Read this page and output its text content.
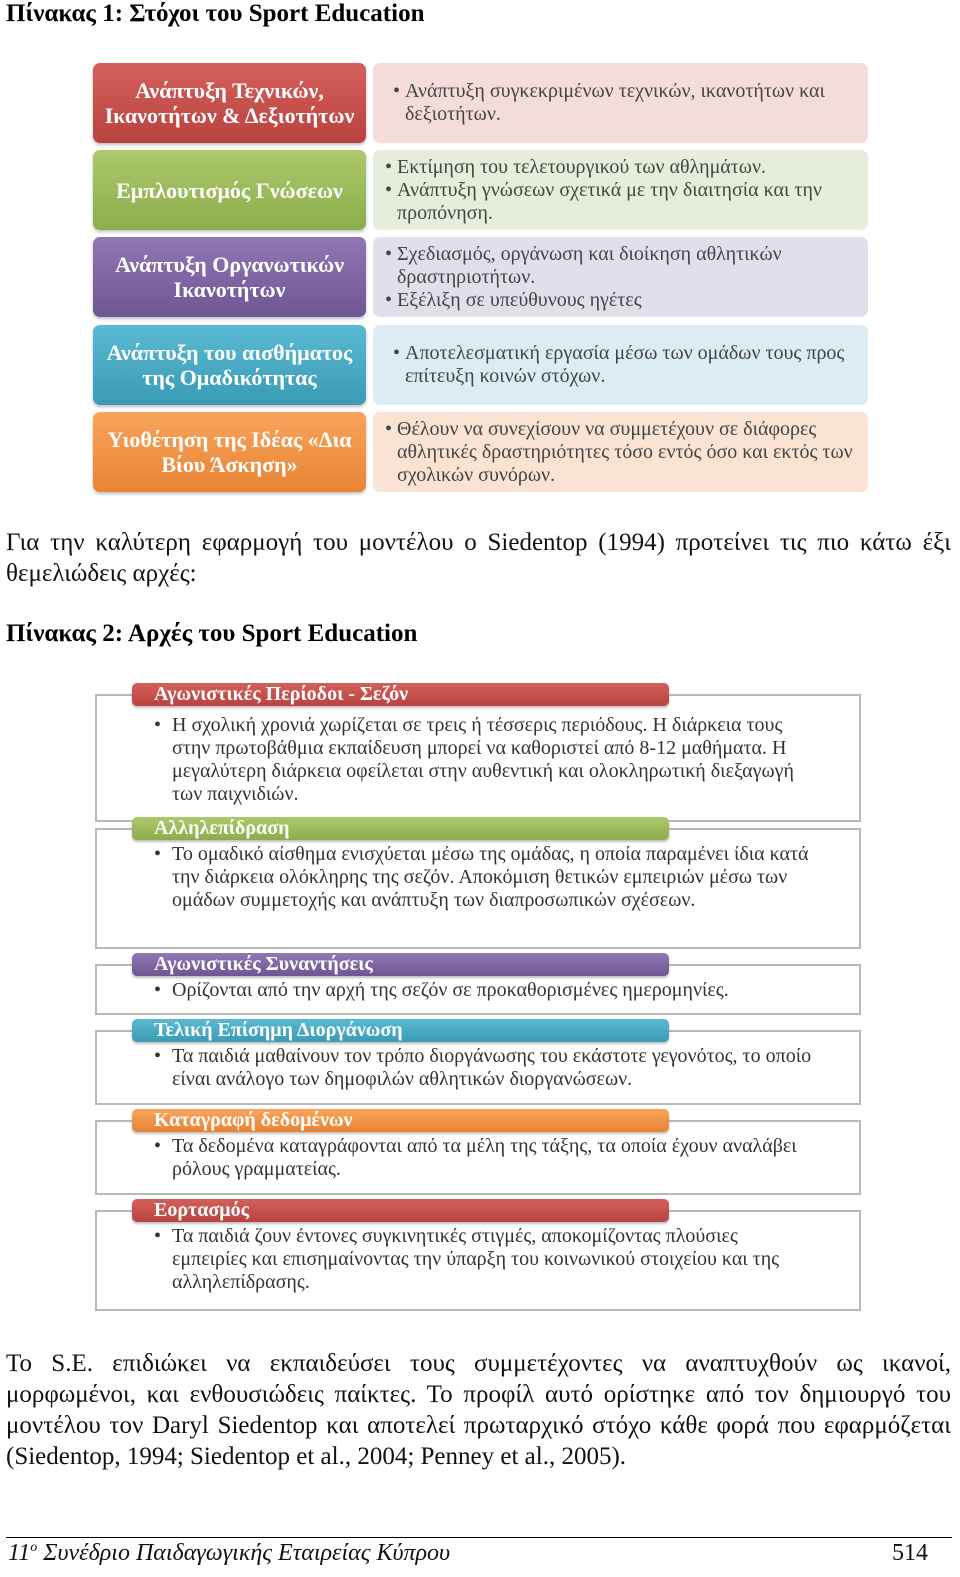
Πίνακας 1: Στόχοι του Sport Education
Ανάπτυξη Τεχνικών, Ικανοτήτων & Δεξιοτήτων
• Ανάπτυξη συγκεκριμένων τεχνικών, ικανοτήτων και δεξιοτήτων.
Εμπλουτισμός Γνώσεων
• Εκτίμηση του τελετουργικού των αθλημάτων.
• Ανάπτυξη γνώσεων σχετικά με την διαιτησία και την προπόνηση.
Ανάπτυξη Οργανωτικών Ικανοτήτων
• Σχεδιασμός, οργάνωση και διοίκηση αθλητικών δραστηριοτήτων.
• Εξέλιξη σε υπεύθυνους ηγέτες
Ανάπτυξη του αισθήματος της Ομαδικότητας
• Αποτελεσματική εργασία μέσω των ομάδων τους προς επίτευξη κοινών στόχων.
Υιοθέτηση της Ιδέας «Δια Βίου Άσκηση»
• Θέλουν να συνεχίσουν να συμμετέχουν σε διάφορες αθλητικές δραστηριότητες τόσο εντός όσο και εκτός των σχολικών συνόρων.
Για την καλύτερη εφαρμογή του μοντέλου ο Siedentop (1994) προτείνει τις πιο κάτω έξι θεμελιώδεις αρχές:
Πίνακας 2: Αρχές του Sport Education
Αγωνιστικές Περίοδοι - Σεζόν
• Η σχολική χρονιά χωρίζεται σε τρεις ή τέσσερις περιόδους. Η διάρκεια τους στην πρωτοβάθμια εκπαίδευση μπορεί να καθοριστεί από 8-12 μαθήματα. Η μεγαλύτερη διάρκεια οφείλεται στην αυθεντική και ολοκληρωτική διεξαγωγή των παιχνιδιών.
Αλληλεπίδραση
• Το ομαδικό αίσθημα ενισχύεται μέσω της ομάδας, η οποία παραμένει ίδια κατά την διάρκεια ολόκληρης της σεζόν. Αποκόμιση θετικών εμπειριών μέσω των ομάδων συμμετοχής και ανάπτυξη των διαπροσωπικών σχέσεων.
Αγωνιστικές Συναντήσεις
• Ορίζονται από την αρχή της σεζόν σε προκαθορισμένες ημερομηνίες.
Τελική Επίσημη Διοργάνωση
• Τα παιδιά μαθαίνουν τον τρόπο διοργάνωσης του εκάστοτε γεγονότος, το οποίο είναι ανάλογο των δημοφιλών αθλητικών διοργανώσεων.
Καταγραφή δεδομένων
• Τα δεδομένα καταγράφονται από τα μέλη της τάξης, τα οποία έχουν αναλάβει ρόλους γραμματείας.
Εορτασμός
• Τα παιδιά ζουν έντονες συγκινητικές στιγμές, αποκομίζοντας πλούσιες εμπειρίες και επισημαίνοντας την ύπαρξη του κοινωνικού στοιχείου και της αλληλεπίδρασης.
Το S.E. επιδιώκει να εκπαιδεύσει τους συμμετέχοντες να αναπτυχθούν ως ικανοί, μορφωμένοι, και ενθουσιώδεις παίκτες. Το προφίλ αυτό ορίστηκε από τον δημιουργό του μοντέλου τον Daryl Siedentop και αποτελεί πρωταρχικό στόχο κάθε φορά που εφαρμόζεται (Siedentop, 1994; Siedentop et al., 2004; Penney et al., 2005).
$11^o$ Συνέδριο Παιδαγωγικής Εταιρείας Κύπρου	514
